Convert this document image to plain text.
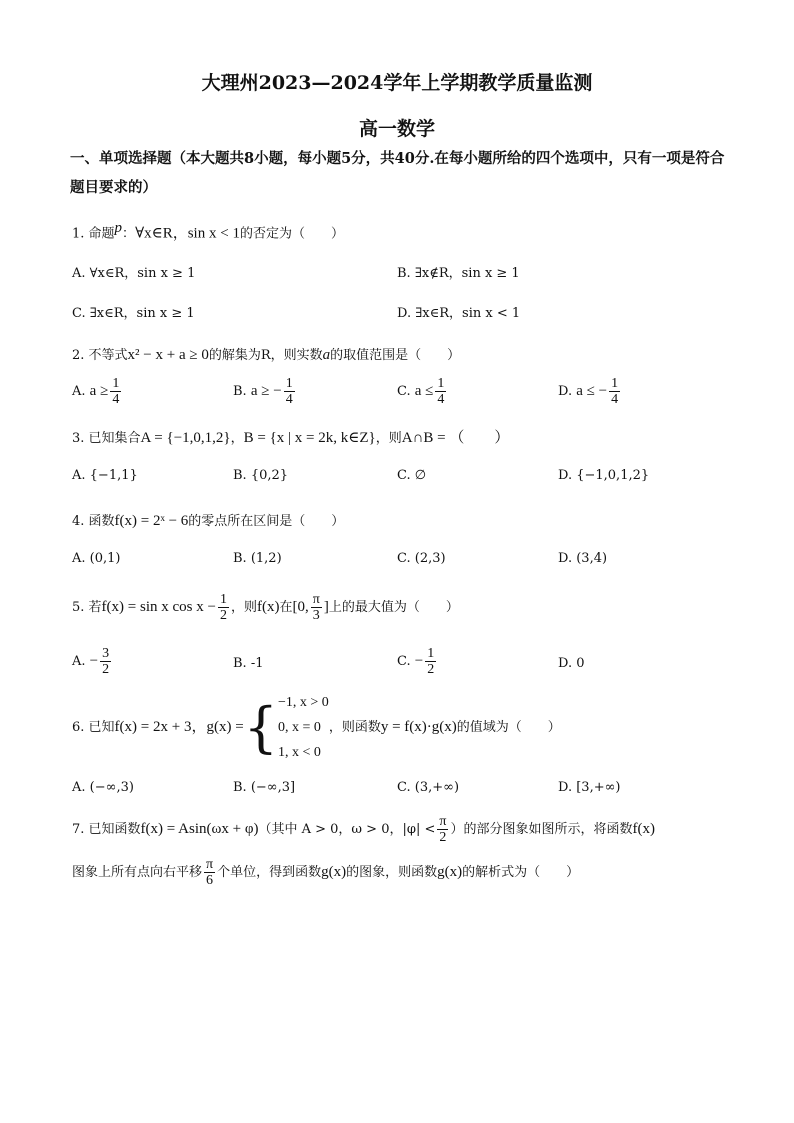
大理州2023—2024学年上学期教学质量监测
高一数学
一、单项选择题（本大题共8小题，每小题5分，共40分.在每小题所给的四个选项中，只有一项是符合题目要求的）
1. 命题$^p$：∀x∈R，sin x < 1的否定为（　　）
A. ∀x∈R，sin x ≥ 1	B. ∃x∉R，sin x ≥ 1
C. ∃x∈R，sin x ≥ 1	D. ∃x∈R，sin x < 1
2. 不等式x² − x + a ≥ 0的解集为R，则实数a的取值范围是（　　）
A. $a \ge \frac{1}{4}$	B. a ≥ − $\frac{1}{4}$	C. $a \le \frac{1}{4}$	D. a ≤ − $\frac{1}{4}$
3. 已知集合A = {−1,0,1,2}，B = {x | x = 2k, k∈Z}，则A∩B = （　　）
A. {−1,1}	B. {0,2}	C. ∅	D. {−1,0,1,2}
4. 函数f(x) = 2ˣ − 6的零点所在区间是（　　）
A. (0,1)	B. (1,2)	C. (2,3)	D. (3,4)
5. 若f(x) = sin x $\cos x - \frac{1}{2}$ ，则f(x)在[0, $\frac{\pi}{3}$ ]上的最大值为（　　）
A. − $\frac{3}{2}$	B. -1	C. − $\frac{1}{2}$	D. 0
6. 已知f(x) = 2x + 3，g(x) ={ −1, x > 0
0, x = 0
1, x < 0
，则函数y = f(x)·g(x)的值域为（　　）
A. (−∞,3)	B. (−∞,3]	C. (3,+∞)	D. [3,+∞)
7. 已知函数f(x) = Asin(ωx + φ)（其中 A > 0，ω > 0，$|\varphi| < \frac{\pi}{2}$ ）的部分图象如图所示，将函数f(x)
图象上所有点向右平移 $\frac{\pi}{6}$ 个单位，得到函数g(x)的图象，则函数g(x)的解析式为（　　）
